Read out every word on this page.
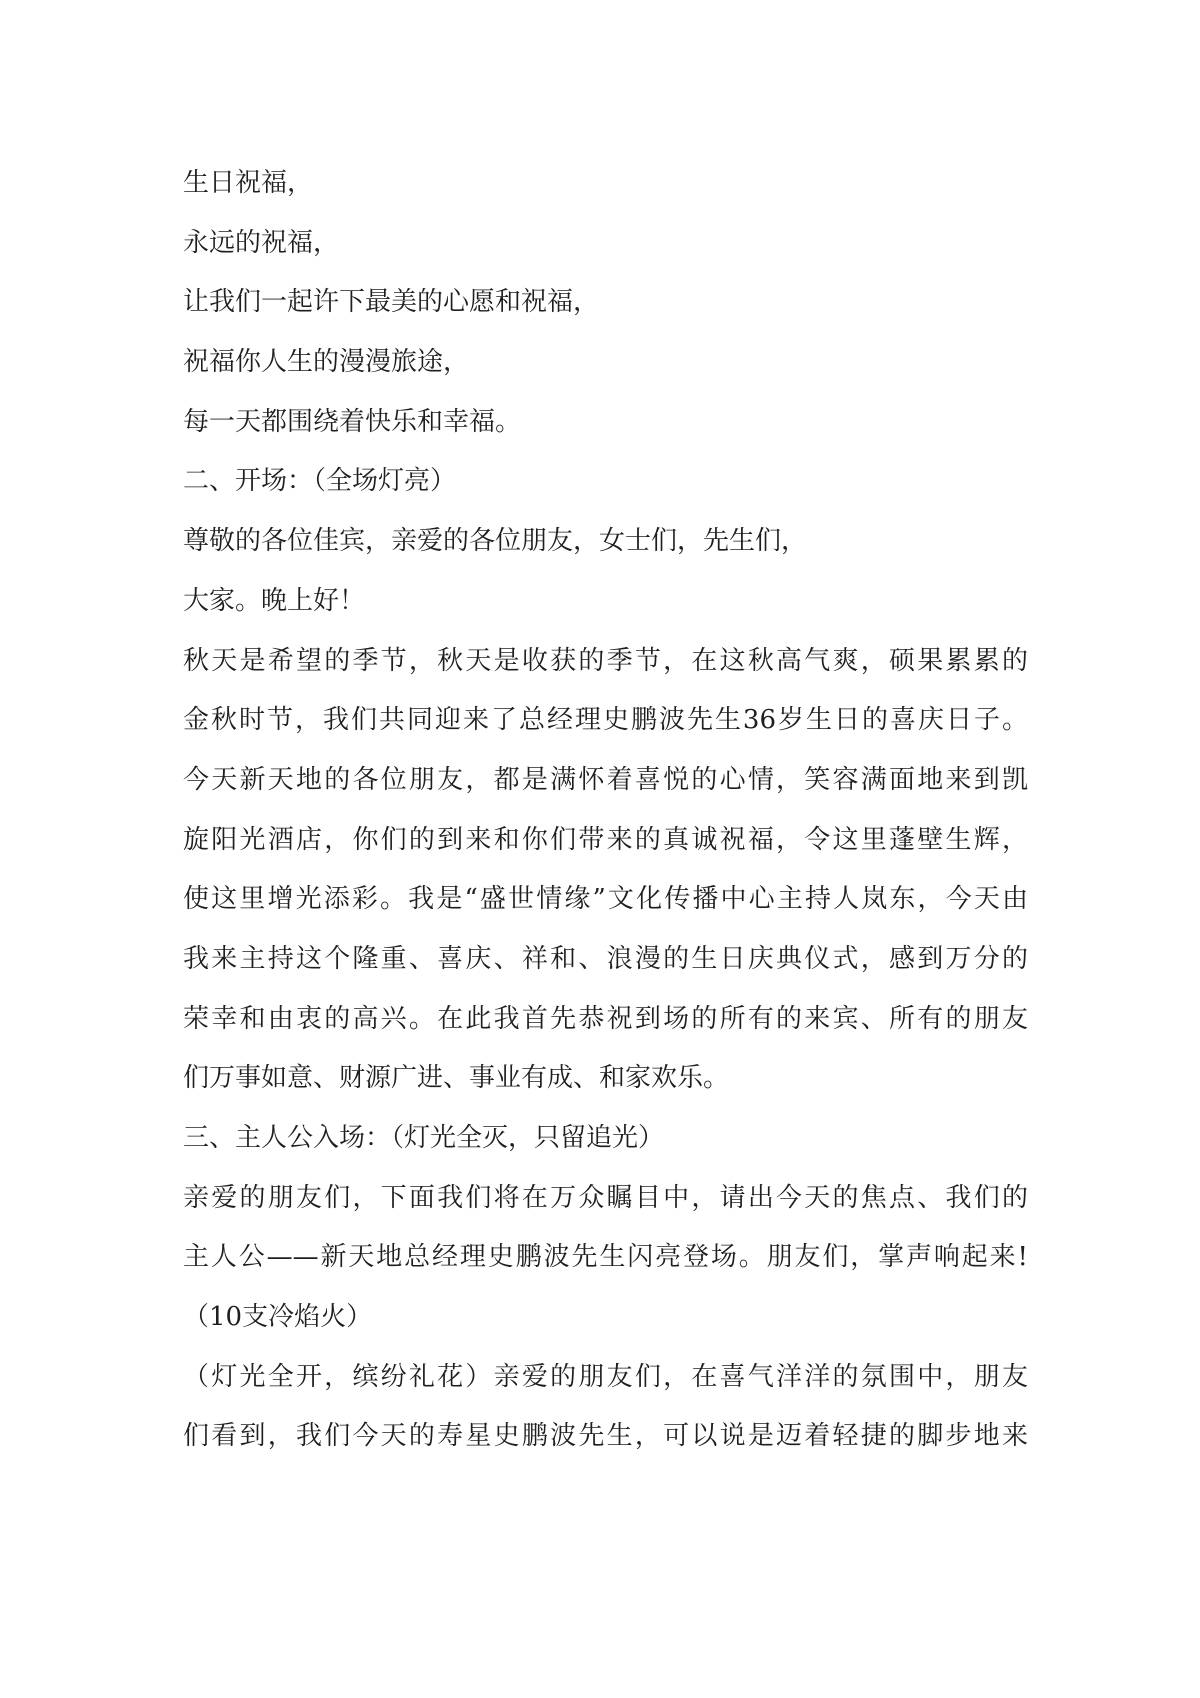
生日祝福，
永远的祝福，
让我们一起许下最美的心愿和祝福，
祝福你人生的漫漫旅途，
每一天都围绕着快乐和幸福。
二、开场：（全场灯亮）
尊敬的各位佳宾，亲爱的各位朋友，女士们，先生们，
大家。晚上好！
秋天是希望的季节，秋天是收获的季节，在这秋高气爽，硕果累累的
金秋时节，我们共同迎来了总经理史鹏波先生36岁生日的喜庆日子。
今天新天地的各位朋友，都是满怀着喜悦的心情，笑容满面地来到凯
旋阳光酒店，你们的到来和你们带来的真诚祝福，令这里蓬壁生辉，
使这里增光添彩。我是“盛世情缘”文化传播中心主持人岚东，今天由
我来主持这个隆重、喜庆、祥和、浪漫的生日庆典仪式，感到万分的
荣幸和由衷的高兴。在此我首先恭祝到场的所有的来宾、所有的朋友
们万事如意、财源广进、事业有成、和家欢乐。
三、主人公入场：（灯光全灭，只留追光）
亲爱的朋友们，下面我们将在万众瞩目中，请出今天的焦点、我们的
主人公——新天地总经理史鹏波先生闪亮登场。朋友们，掌声响起来!
（10支冷焰火）
（灯光全开，缤纷礼花）亲爱的朋友们，在喜气洋洋的氛围中，朋友
们看到，我们今天的寿星史鹏波先生，可以说是迈着轻捷的脚步地来
